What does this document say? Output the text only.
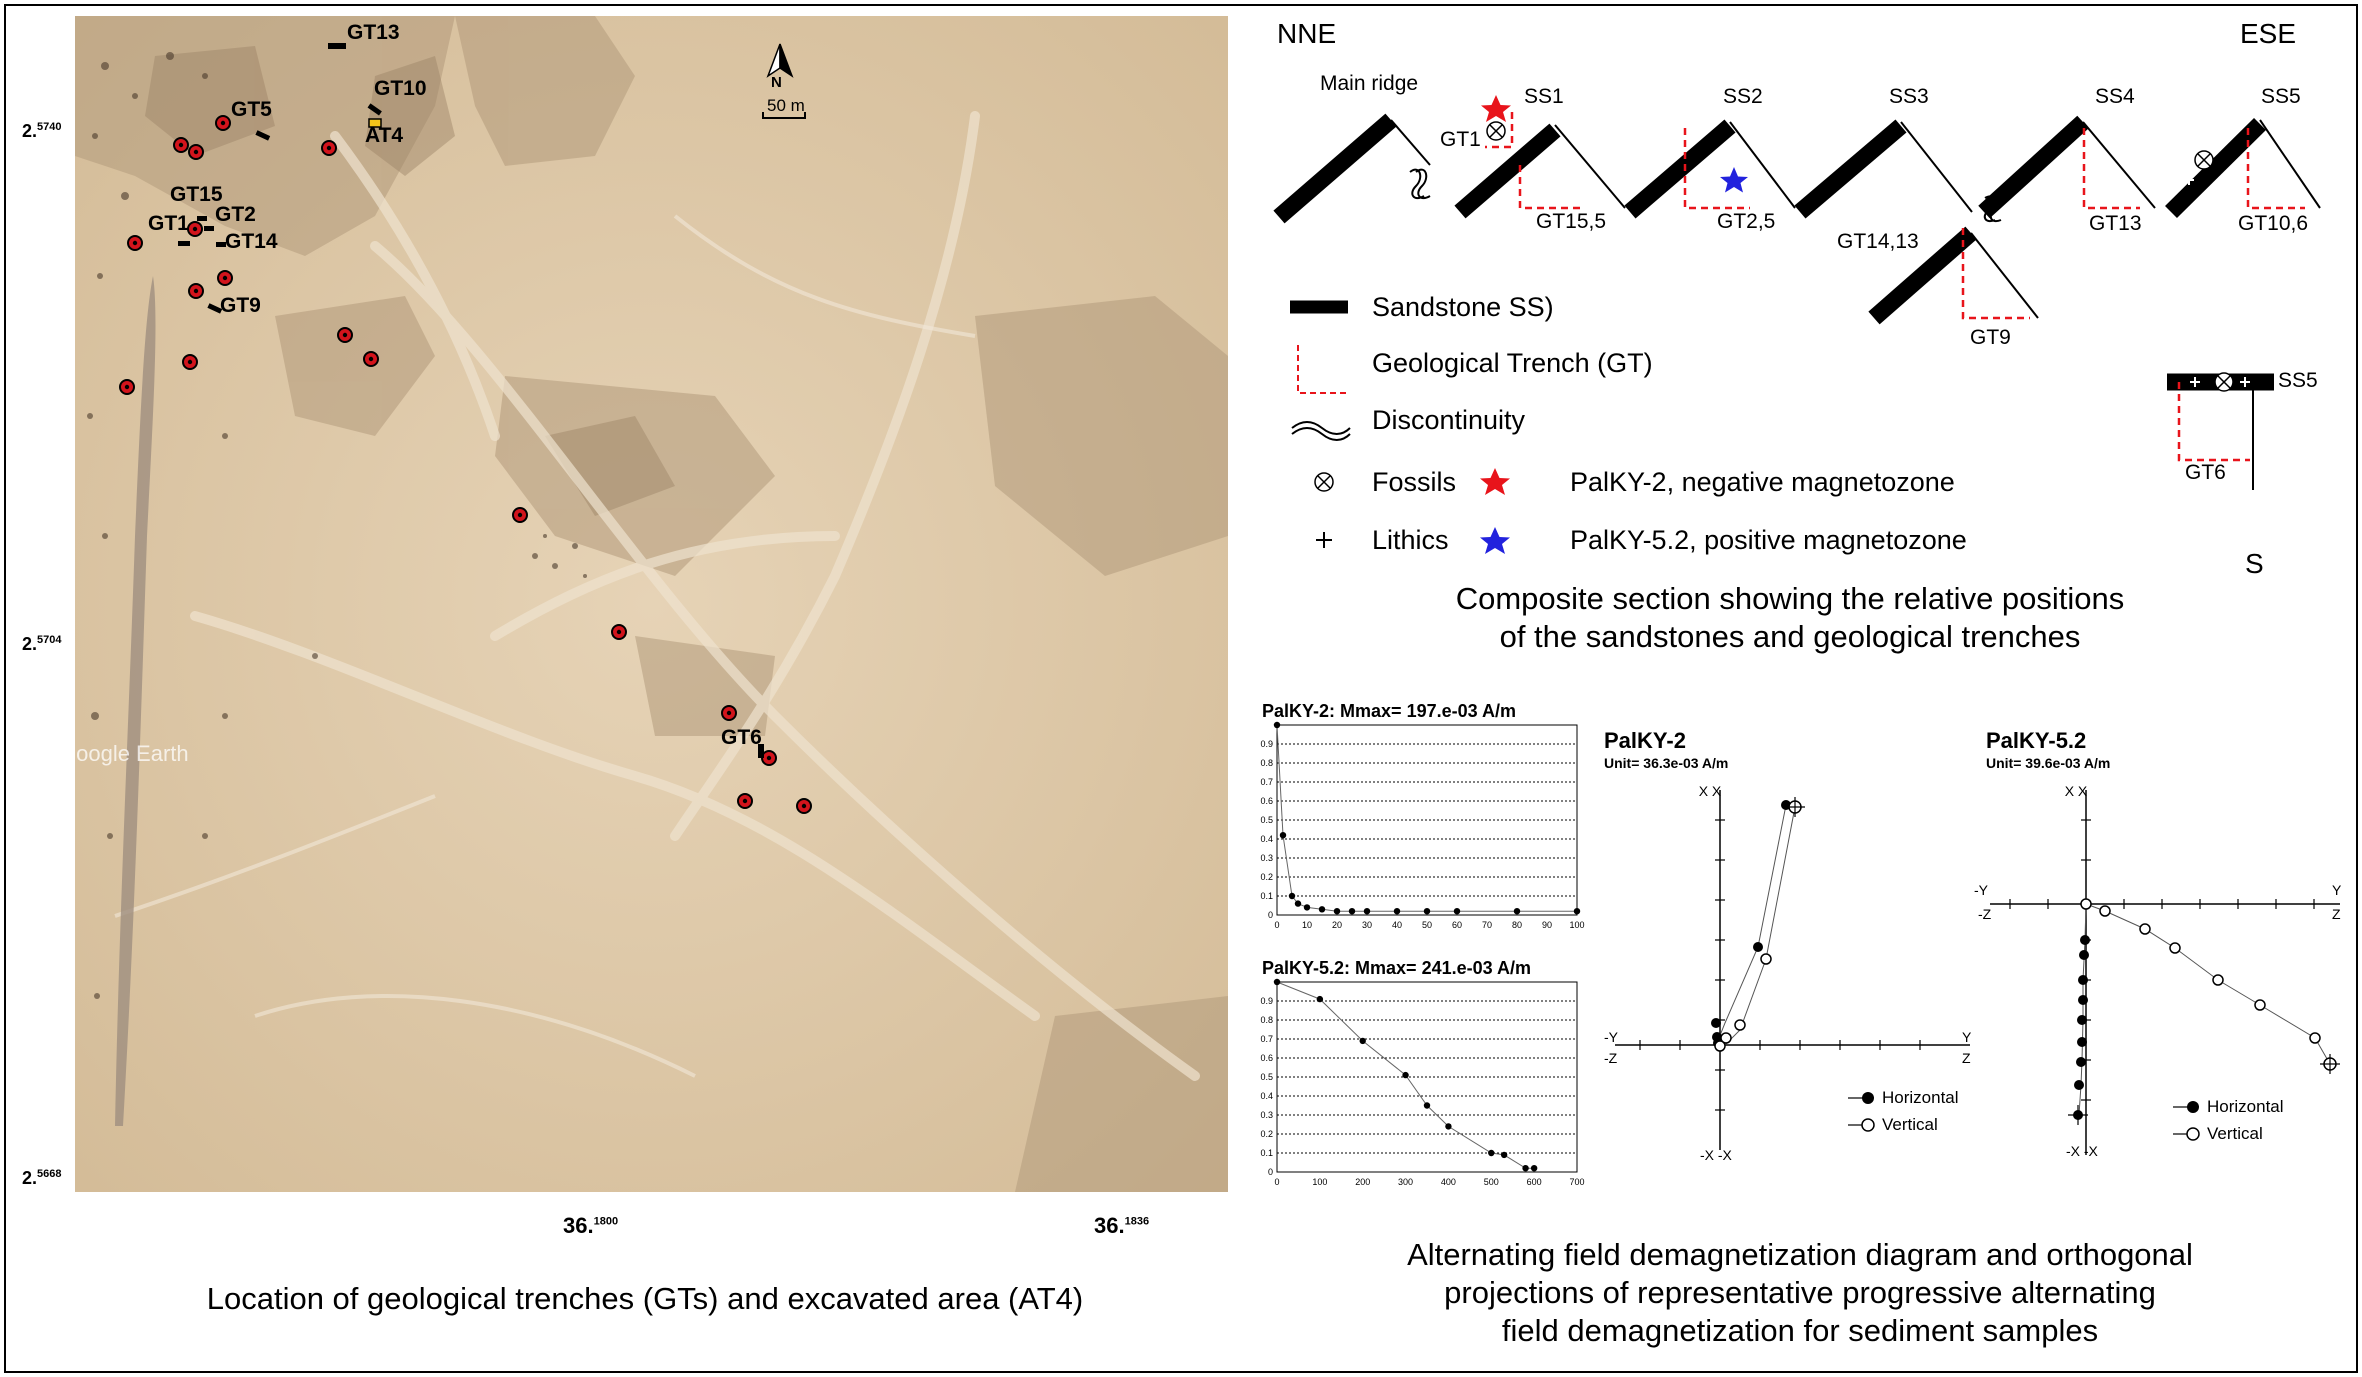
GT13
GT10
AT4
GT5
GT15
GT2
GT1
GT14
GT9
GT6
N
50 m
Google Earth
2.$^{5740}$
2.$^{5704}$
2.$^{5668}$
36.$^{1800}$	36.$^{1836}$
Location of geological trenches (GTs) and excavated area (AT4)
NNE	ESE
S
Main ridge
SS1	SS2	SS3	SS4	SS5
SS5
GT1
GT15,5	GT2,5
GT14,13
GT13	GT10,6
GT9
GT6
Sandstone SS)
Geological Trench (GT)
Discontinuity
Fossils
Lithics
PalKY-2, negative magnetozone
PalKY-5.2, positive magnetozone
Composite section showing the relative positions
of the sandstones and geological trenches
PalKY-2: Mmax= 197.e-03 A/m
0
0.1
0.2
0.3
0.4
0.5
0.6
0.7
0.8
0.9
0 10 20 30 40 50 60 70 80 90 100
PalKY-5.2: Mmax= 241.e-03 A/m
0
0.1
0.2
0.3
0.4
0.5
0.6
0.7
0.8
0.9
0	100	200	300	400	500	600	700
PalKY-2
Unit= 36.3e-03 A/m
PalKY-5.2
Unit= 39.6e-03 A/m
X X
-X -X
-Y
-Z
Y
Z
Horizontal
Vertical
X X
-X -X
-Y
-Z
Y
Z
Horizontal
Vertical
Alternating field demagnetization diagram and orthogonal
projections of representative progressive alternating
field demagnetization for sediment samples
